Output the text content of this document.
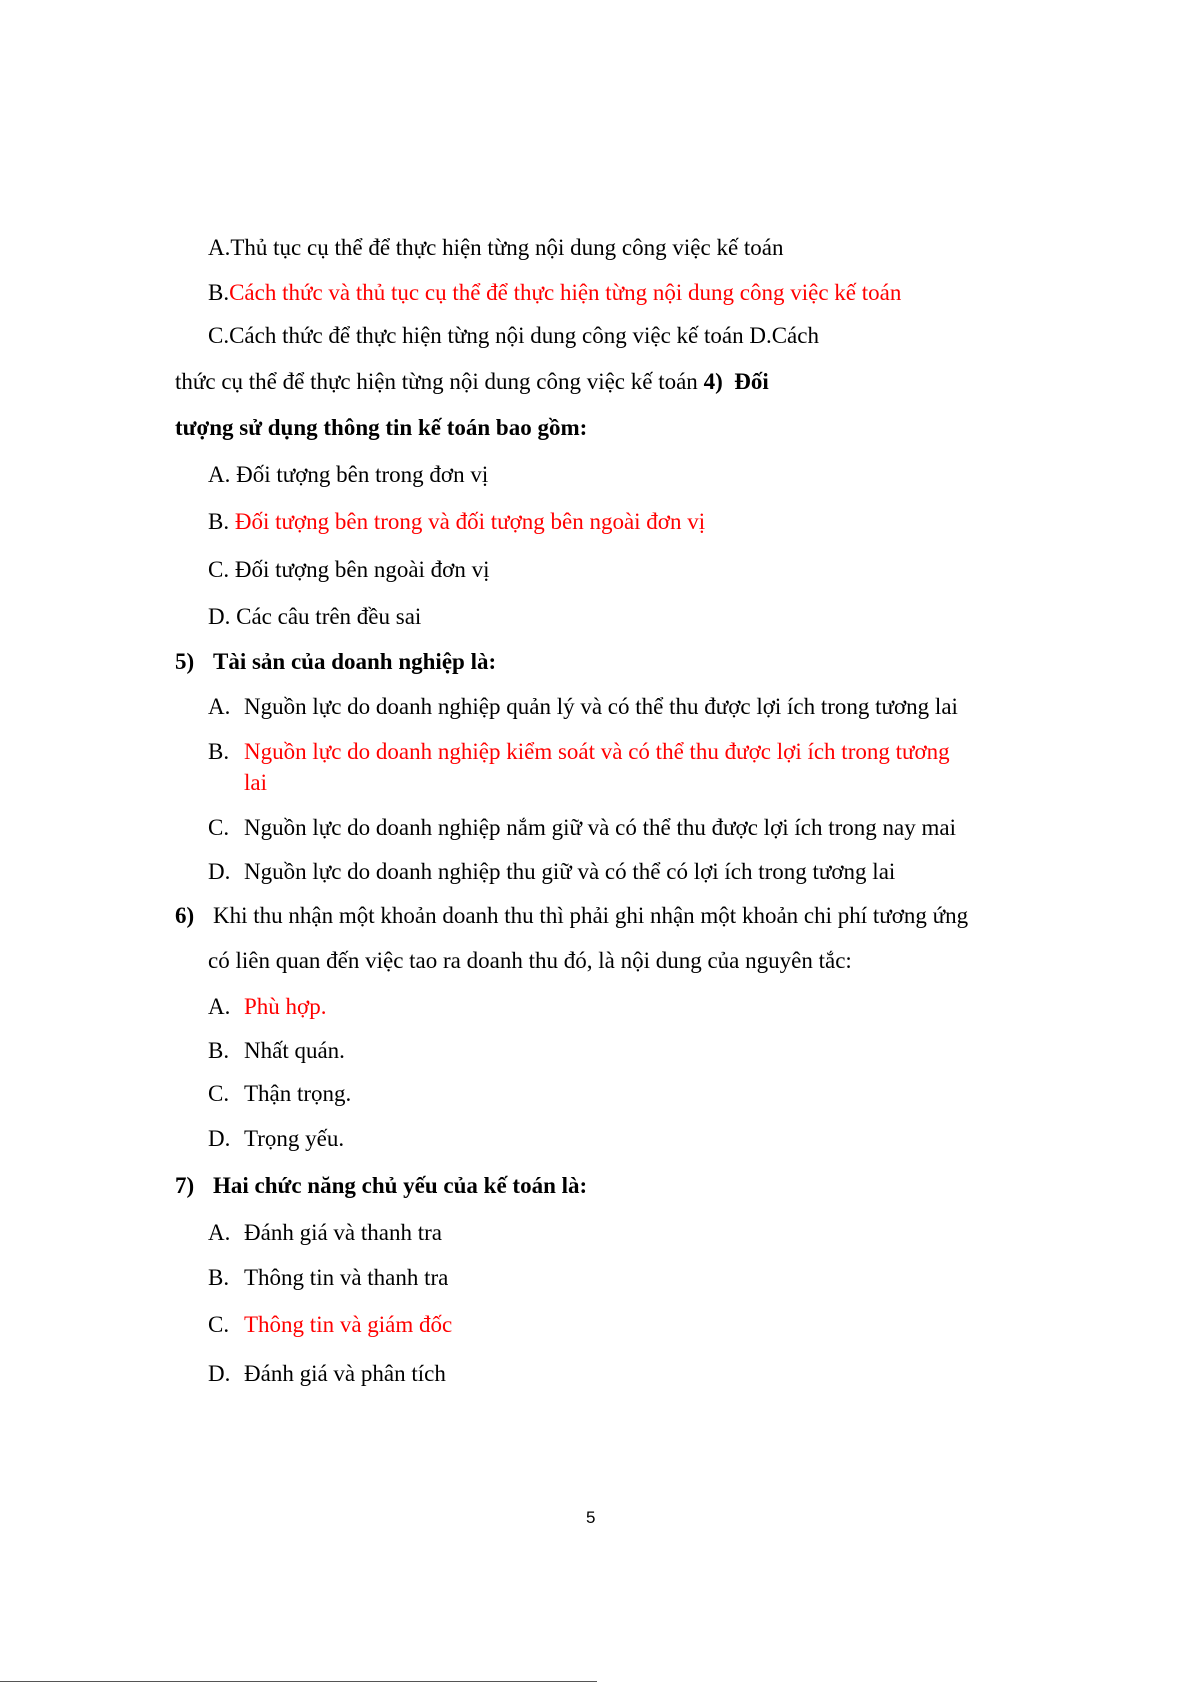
A.Thủ tục cụ thể để thực hiện từng nội dung công việc kế toán

B.Cách thức và thủ tục cụ thể để thực hiện từng nội dung công việc kế toán

C.Cách thức để thực hiện từng nội dung công việc kế toán D.Cách

thức cụ thể để thực hiện từng nội dung công việc kế toán 4) Đối

tượng sử dụng thông tin kế toán bao gồm:

A. Đối tượng bên trong đơn vị

B. Đối tượng bên trong và đối tượng bên ngoài đơn vị

C. Đối tượng bên ngoài đơn vị

D. Các câu trên đều sai

5) Tài sản của doanh nghiệp là:

A. Nguồn lực do doanh nghiệp quản lý và có thể thu được lợi ích trong tương lai

B. Nguồn lực do doanh nghiệp kiểm soát và có thể thu được lợi ích trong tương

lai

C. Nguồn lực do doanh nghiệp nắm giữ và có thể thu được lợi ích trong nay mai

D. Nguồn lực do doanh nghiệp thu giữ và có thể có lợi ích trong tương lai

6) Khi thu nhận một khoản doanh thu thì phải ghi nhận một khoản chi phí tương ứng

có liên quan đến việc tao ra doanh thu đó, là nội dung của nguyên tắc:

A. Phù hợp.

B. Nhất quán.

C. Thận trọng.

D. Trọng yếu.

7) Hai chức năng chủ yếu của kế toán là:

A. Đánh giá và thanh tra

B. Thông tin và thanh tra

C. Thông tin và giám đốc

D. Đánh giá và phân tích

5
